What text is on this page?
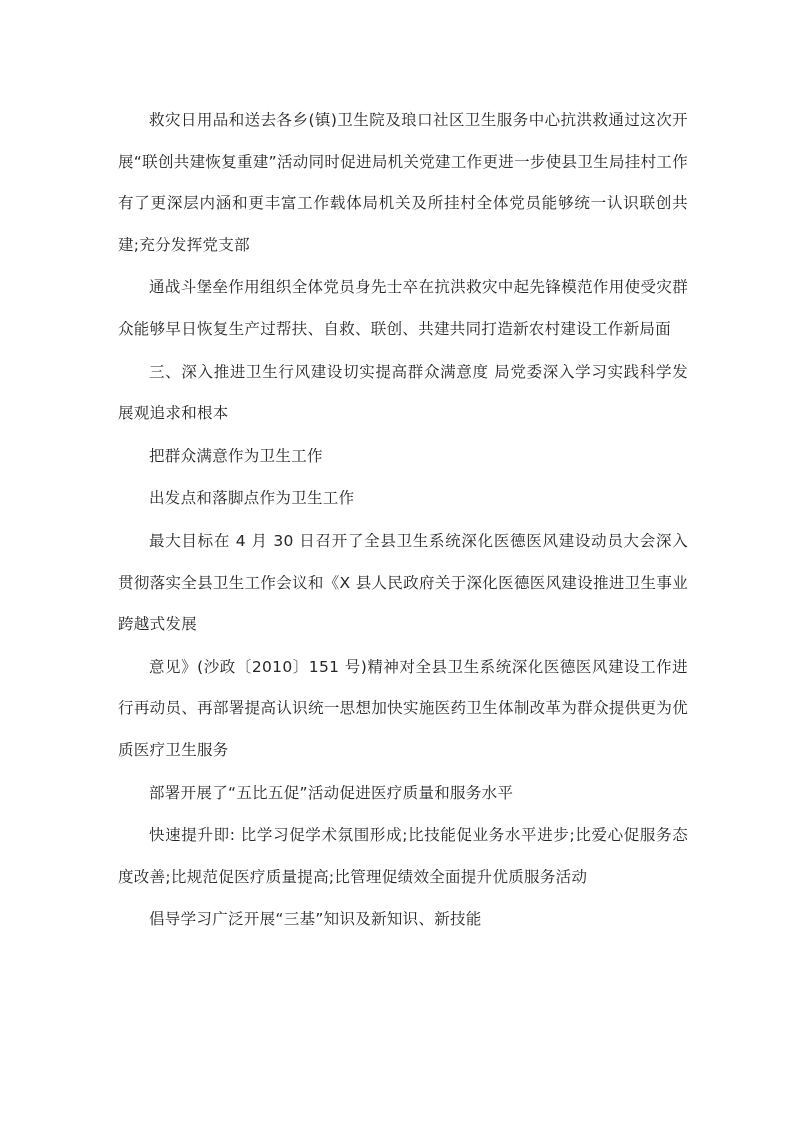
救灾日用品和送去各乡(镇)卫生院及琅口社区卫生服务中心抗洪救通过这次开展“联创共建恢复重建”活动同时促进局机关党建工作更进一步使县卫生局挂村工作有了更深层内涵和更丰富工作载体局机关及所挂村全体党员能够统一认识联创共建;充分发挥党支部

通战斗堡垒作用组织全体党员身先士卒在抗洪救灾中起先锋模范作用使受灾群众能够早日恢复生产过帮扶、自救、联创、共建共同打造新农村建设工作新局面

三、深入推进卫生行风建设切实提高群众满意度 局党委深入学习实践科学发展观追求和根本

把群众满意作为卫生工作

出发点和落脚点作为卫生工作

最大目标在 4 月 30 日召开了全县卫生系统深化医德医风建设动员大会深入贯彻落实全县卫生工作会议和《X 县人民政府关于深化医德医风建设推进卫生事业跨越式发展

意见》(沙政〔2010〕151 号)精神对全县卫生系统深化医德医风建设工作进行再动员、再部署提高认识统一思想加快实施医药卫生体制改革为群众提供更为优质医疗卫生服务

部署开展了“五比五促”活动促进医疗质量和服务水平

快速提升即: 比学习促学术氛围形成;比技能促业务水平进步;比爱心促服务态度改善;比规范促医疗质量提高;比管理促绩效全面提升优质服务活动

倡导学习广泛开展“三基”知识及新知识、新技能
